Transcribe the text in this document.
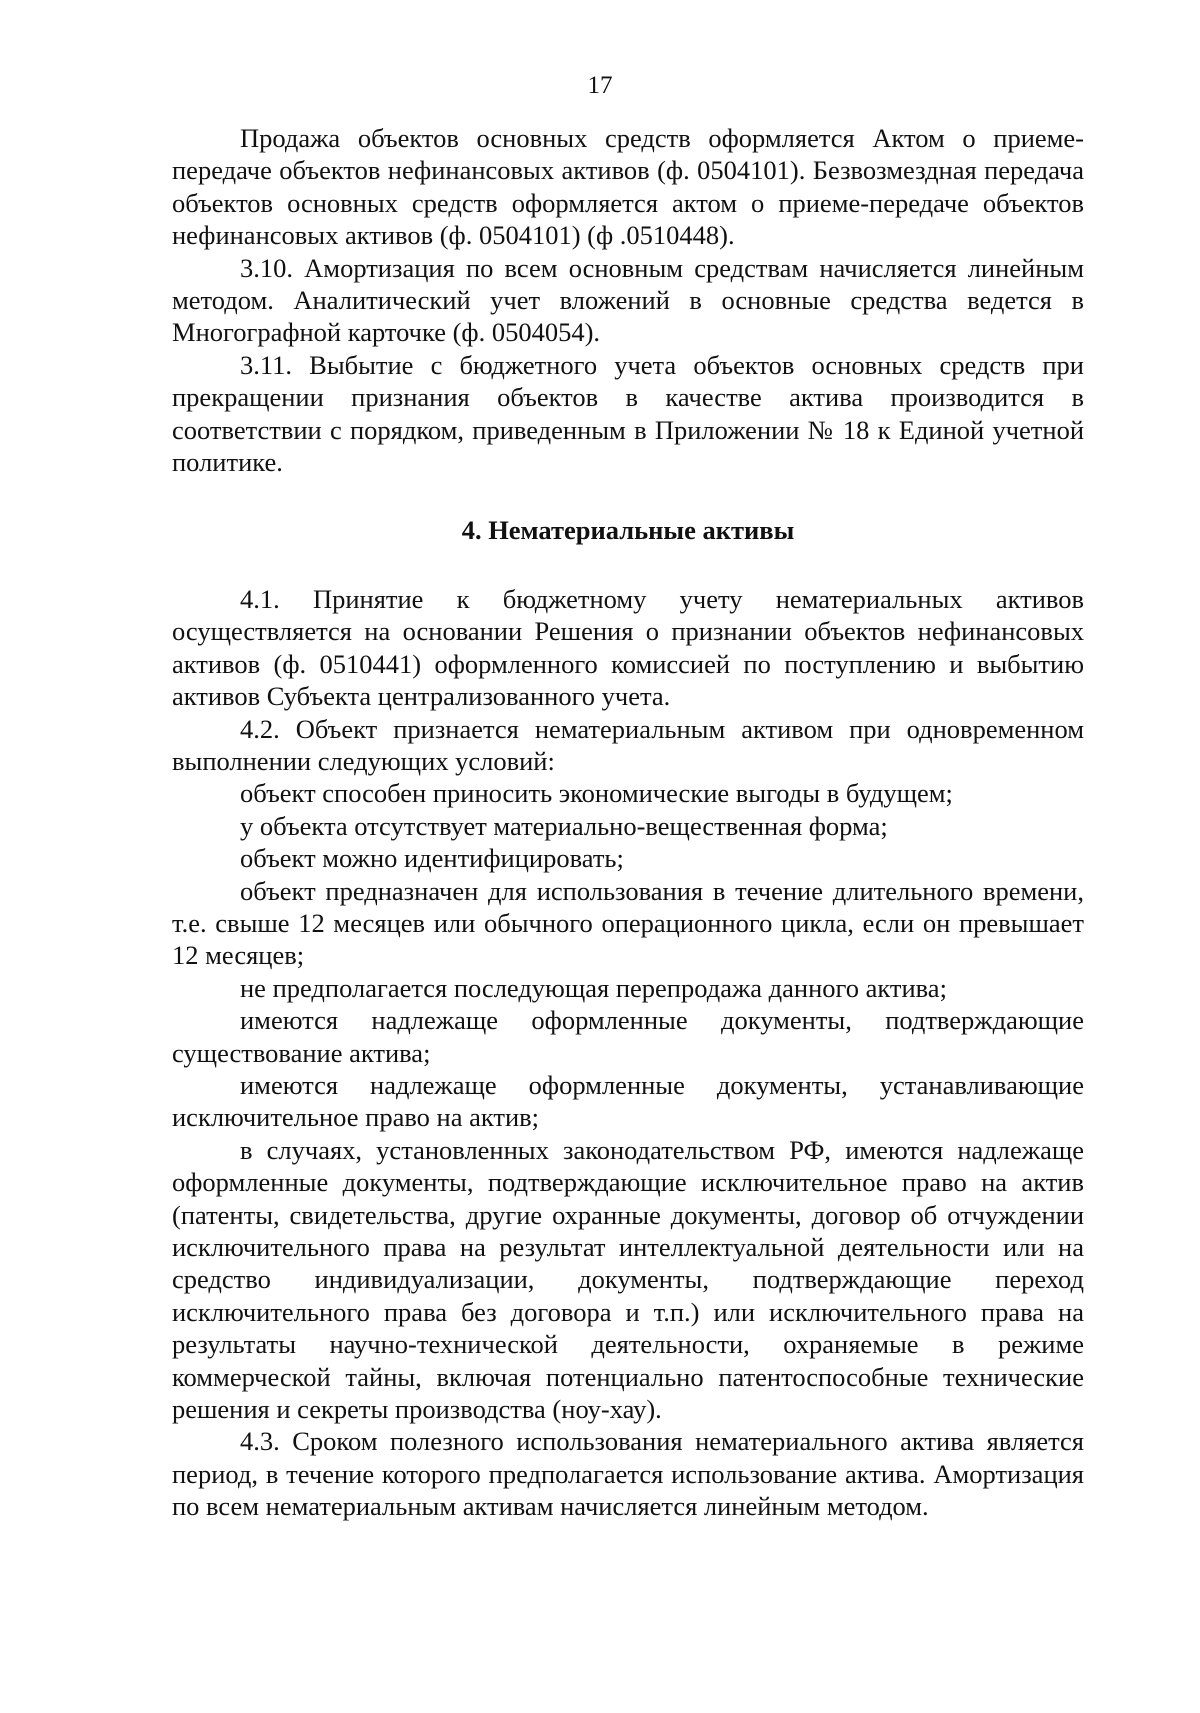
17

Продажа объектов основных средств оформляется Актом о приеме-передаче объектов нефинансовых активов (ф. 0504101). Безвозмездная передача объектов основных средств оформляется актом о приеме-передаче объектов нефинансовых активов (ф. 0504101) (ф .0510448).

3.10. Амортизация по всем основным средствам начисляется линейным методом. Аналитический учет вложений в основные средства ведется в Многографной карточке (ф. 0504054).

3.11. Выбытие с бюджетного учета объектов основных средств при прекращении признания объектов в качестве актива производится в соответствии с порядком, приведенным в Приложении № 18 к Единой учетной политике.

4. Нематериальные активы

4.1. Принятие к бюджетному учету нематериальных активов осуществляется на основании Решения о признании объектов нефинансовых активов (ф. 0510441) оформленного комиссией по поступлению и выбытию активов Субъекта централизованного учета.

4.2. Объект признается нематериальным активом при одновременном выполнении следующих условий:

объект способен приносить экономические выгоды в будущем;

у объекта отсутствует материально-вещественная форма;

объект можно идентифицировать;

объект предназначен для использования в течение длительного времени, т.е. свыше 12 месяцев или обычного операционного цикла, если он превышает 12 месяцев;

не предполагается последующая перепродажа данного актива;

имеются надлежаще оформленные документы, подтверждающие существование актива;

имеются надлежаще оформленные документы, устанавливающие исключительное право на актив;

в случаях, установленных законодательством РФ, имеются надлежаще оформленные документы, подтверждающие исключительное право на актив (патенты, свидетельства, другие охранные документы, договор об отчуждении исключительного права на результат интеллектуальной деятельности или на средство индивидуализации, документы, подтверждающие переход исключительного права без договора и т.п.) или исключительного права на результаты научно-технической деятельности, охраняемые в режиме коммерческой тайны, включая потенциально патентоспособные технические решения и секреты производства (ноу-хау).

4.3. Сроком полезного использования нематериального актива является период, в течение которого предполагается использование актива. Амортизация по всем нематериальным активам начисляется линейным методом.
